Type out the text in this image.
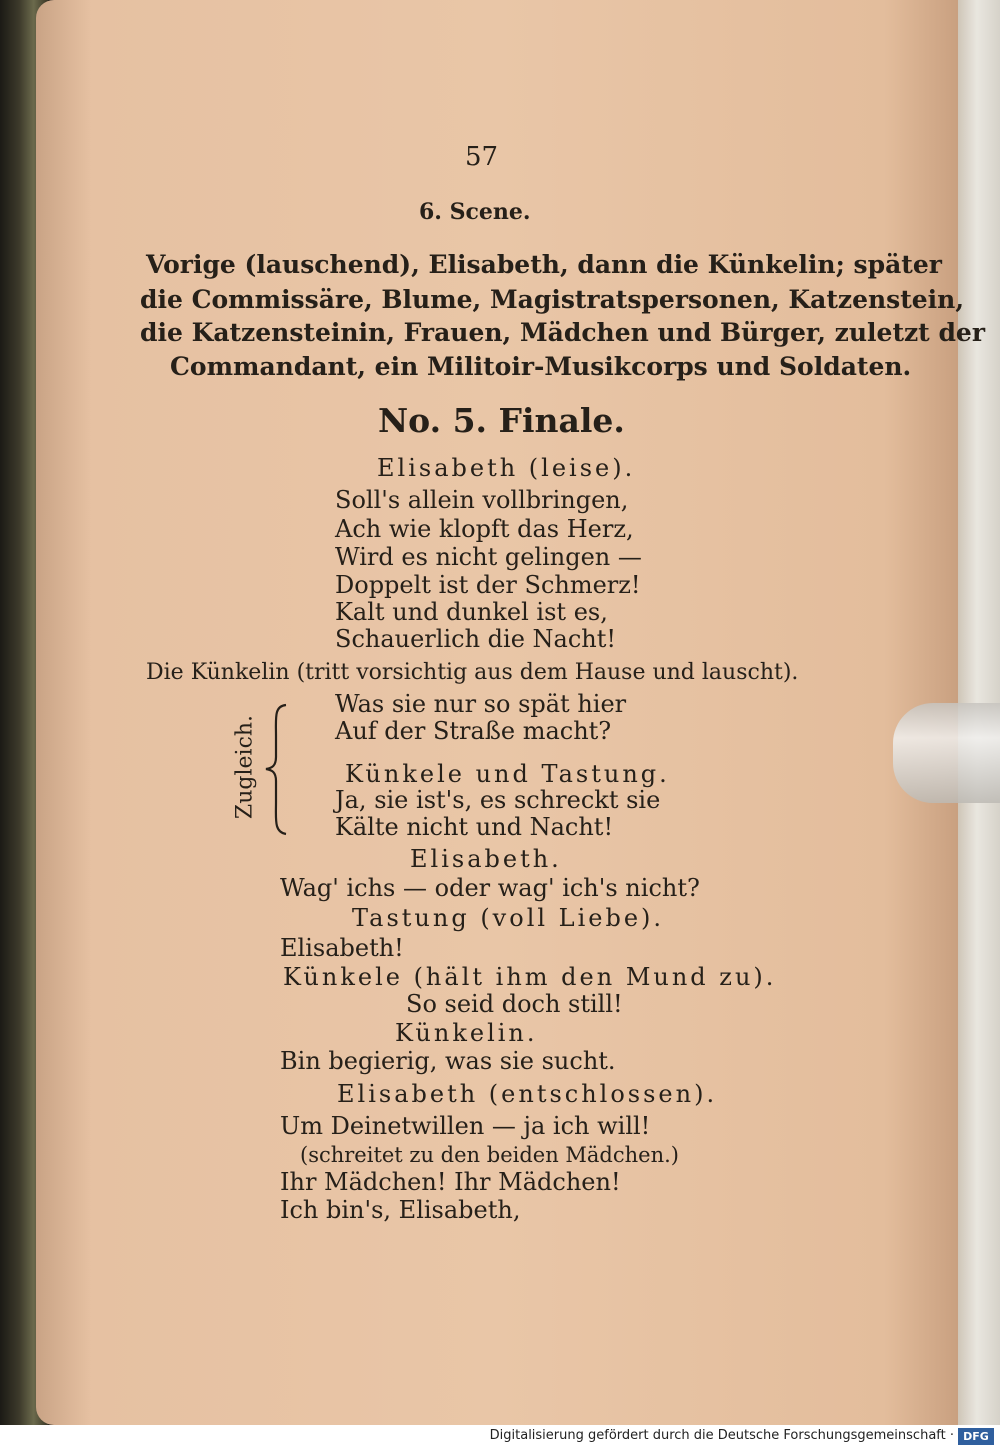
57
6. Scene.
Vorige (lauschend), Elisabeth, dann die Künkelin; später
die Commissäre, Blume, Magistratspersonen, Katzenstein,
die Katzensteinin, Frauen, Mädchen und Bürger, zuletzt der
Commandant, ein Militoir-Musikcorps und Soldaten.
No. 5. Finale.
Elisabeth (leise).
Soll's allein vollbringen,
Ach wie klopft das Herz,
Wird es nicht gelingen —
Doppelt ist der Schmerz!
Kalt und dunkel ist es,
Schauerlich die Nacht!
Die Künkelin (tritt vorsichtig aus dem Hause und lauscht).
Zugleich.
Was sie nur so spät hier
Auf der Straße macht?
Künkele und Tastung.
Ja, sie ist's, es schreckt sie
Kälte nicht und Nacht!
Elisabeth.
Wag' ichs — oder wag' ich's nicht?
Tastung (voll Liebe).
Elisabeth!
Künkele (hält ihm den Mund zu).
So seid doch still!
Künkelin.
Bin begierig, was sie sucht.
Elisabeth (entschlossen).
Um Deinetwillen — ja ich will!
(schreitet zu den beiden Mädchen.)
Ihr Mädchen! Ihr Mädchen!
Ich bin's, Elisabeth,
Digitalisierung gefördert durch die Deutsche Forschungsgemeinschaft · DFG
